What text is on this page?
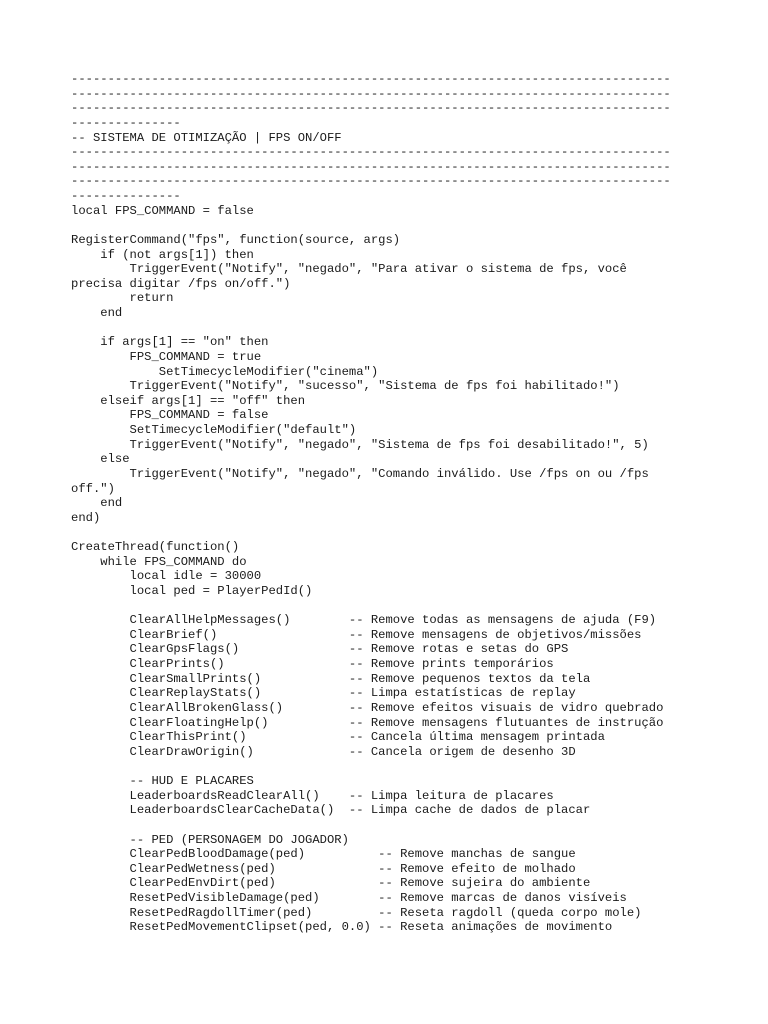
----------------------------------------------------------------------------------
----------------------------------------------------------------------------------
----------------------------------------------------------------------------------
---------------
-- SISTEMA DE OTIMIZAÇÃO | FPS ON/OFF
----------------------------------------------------------------------------------
----------------------------------------------------------------------------------
----------------------------------------------------------------------------------
---------------
local FPS_COMMAND = false

RegisterCommand("fps", function(source, args)
if (not args[1]) then
TriggerEvent("Notify", "negado", "Para ativar o sistema de fps, você
precisa digitar /fps on/off.")
return
end

if args[1] == "on" then
FPS_COMMAND = true
SetTimecycleModifier("cinema")
TriggerEvent("Notify", "sucesso", "Sistema de fps foi habilitado!")
elseif args[1] == "off" then
FPS_COMMAND = false
SetTimecycleModifier("default")
TriggerEvent("Notify", "negado", "Sistema de fps foi desabilitado!", 5)
else
TriggerEvent("Notify", "negado", "Comando inválido. Use /fps on ou /fps
off.")
end
end)

CreateThread(function()
while FPS_COMMAND do
local idle = 30000
local ped = PlayerPedId()

ClearAllHelpMessages()        -- Remove todas as mensagens de ajuda (F9)
ClearBrief()                  -- Remove mensagens de objetivos/missões
ClearGpsFlags()               -- Remove rotas e setas do GPS
ClearPrints()                 -- Remove prints temporários
ClearSmallPrints()            -- Remove pequenos textos da tela
ClearReplayStats()            -- Limpa estatísticas de replay
ClearAllBrokenGlass()         -- Remove efeitos visuais de vidro quebrado
ClearFloatingHelp()           -- Remove mensagens flutuantes de instrução
ClearThisPrint()              -- Cancela última mensagem printada
ClearDrawOrigin()             -- Cancela origem de desenho 3D

-- HUD E PLACARES
LeaderboardsReadClearAll()    -- Limpa leitura de placares
LeaderboardsClearCacheData()  -- Limpa cache de dados de placar

-- PED (PERSONAGEM DO JOGADOR)
ClearPedBloodDamage(ped)          -- Remove manchas de sangue
ClearPedWetness(ped)              -- Remove efeito de molhado
ClearPedEnvDirt(ped)              -- Remove sujeira do ambiente
ResetPedVisibleDamage(ped)        -- Remove marcas de danos visíveis
ResetPedRagdollTimer(ped)         -- Reseta ragdoll (queda corpo mole)
ResetPedMovementClipset(ped, 0.0) -- Reseta animações de movimento
